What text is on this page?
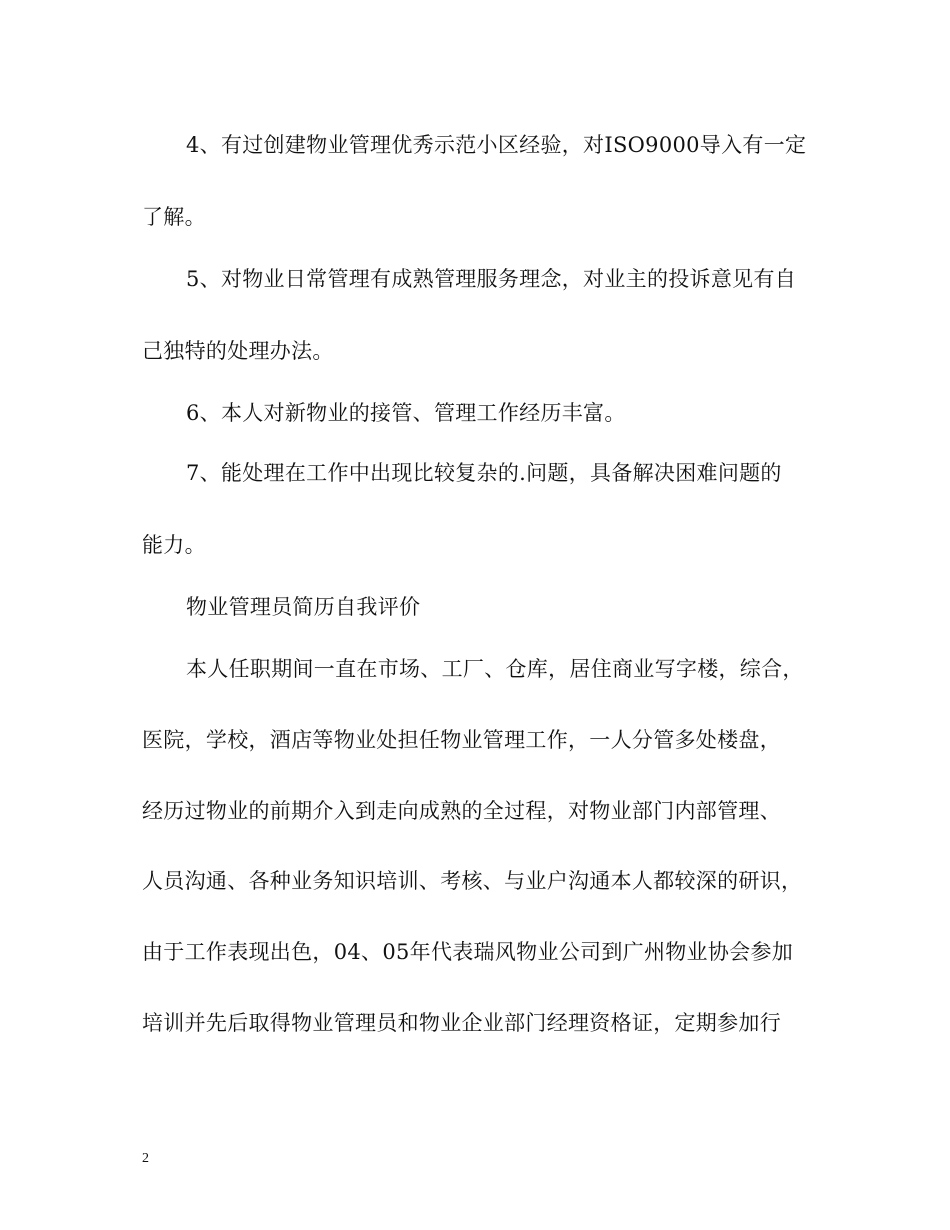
4、有过创建物业管理优秀示范小区经验，对ISO9000导入有一定
了解。
5、对物业日常管理有成熟管理服务理念，对业主的投诉意见有自
己独特的处理办法。
6、本人对新物业的接管、管理工作经历丰富。
7、能处理在工作中出现比较复杂的.问题，具备解决困难问题的
能力。
物业管理员简历自我评价
本人任职期间一直在市场、工厂、仓库，居住商业写字楼，综合，
医院，学校，酒店等物业处担任物业管理工作，一人分管多处楼盘，
经历过物业的前期介入到走向成熟的全过程，对物业部门内部管理、
人员沟通、各种业务知识培训、考核、与业户沟通本人都较深的研识，
由于工作表现出色，04、05年代表瑞风物业公司到广州物业协会参加
培训并先后取得物业管理员和物业企业部门经理资格证，定期参加行
2
